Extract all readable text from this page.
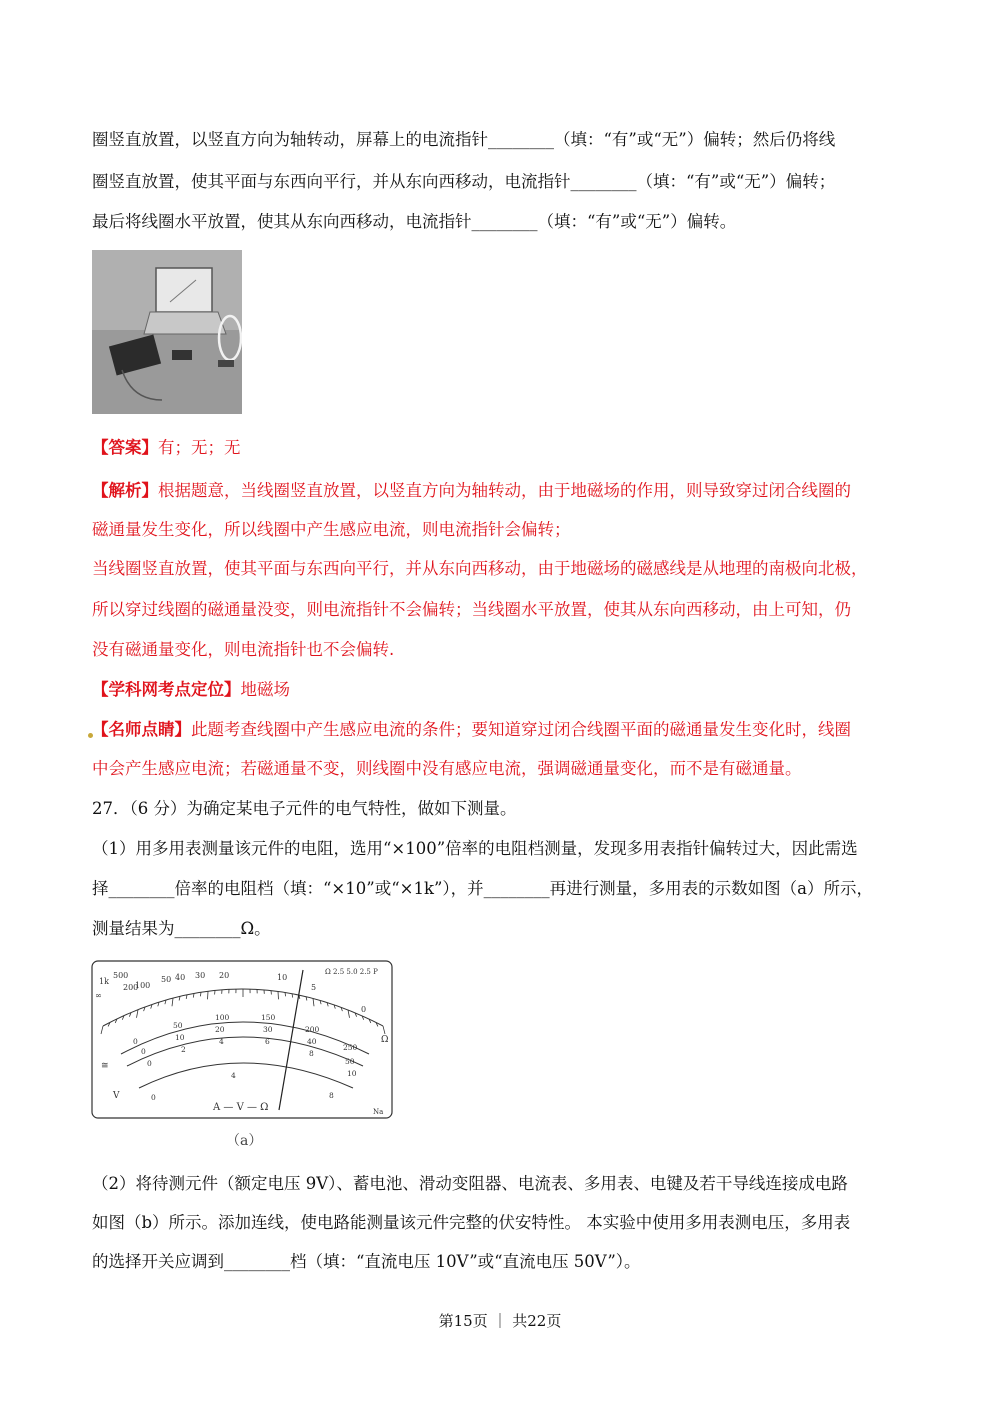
圈竖直放置，以竖直方向为轴转动，屏幕上的电流指针________（填：“有”或“无”）偏转；然后仍将线
圈竖直放置，使其平面与东西向平行，并从东向西移动，电流指针________（填：“有”或“无”）偏转；
最后将线圈水平放置，使其从东向西移动，电流指针________（填：“有”或“无”）偏转。
【答案】有；无；无
【解析】根据题意，当线圈竖直放置，以竖直方向为轴转动，由于地磁场的作用，则导致穿过闭合线圈的
磁通量发生变化，所以线圈中产生感应电流，则电流指针会偏转；
当线圈竖直放置，使其平面与东西向平行，并从东向西移动，由于地磁场的磁感线是从地理的南极向北极，
所以穿过线圈的磁通量没变，则电流指针不会偏转；当线圈水平放置，使其从东向西移动，由上可知，仍
没有磁通量变化，则电流指针也不会偏转.
【学科网考点定位】地磁场
【名师点睛】此题考查线圈中产生感应电流的条件；要知道穿过闭合线圈平面的磁通量发生变化时，线圈
中会产生感应电流；若磁通量不变，则线圈中没有感应电流，强调磁通量变化，而不是有磁通量。
27．（6 分）为确定某电子元件的电气特性，做如下测量。
（1）用多用表测量该元件的电阻，选用“×100”倍率的电阻档测量，发现多用表指针偏转过大，因此需选
择________倍率的电阻档（填：“×10”或“×1k”），并________再进行测量，多用表的示数如图（a）所示，
测量结果为________Ω。
1k
500
200
100
50 40 30 20	10
5
0
∞
Ω
Ω 2.5 5.0 2.5 P
0
50
100	150
200
250
0
10
20	30
40
50
0
2
4	6
8
10
0
4
8
≅
V
A — V — Ω	Na
（a）
（2）将待测元件（额定电压 9V）、蓄电池、滑动变阻器、电流表、多用表、电键及若干导线连接成电路
如图（b）所示。添加连线，使电路能测量该元件完整的伏安特性。 本实验中使用多用表测电压，多用表
的选择开关应调到________档（填：“直流电压 10V”或“直流电压 50V”）。
第15页 ｜ 共22页
